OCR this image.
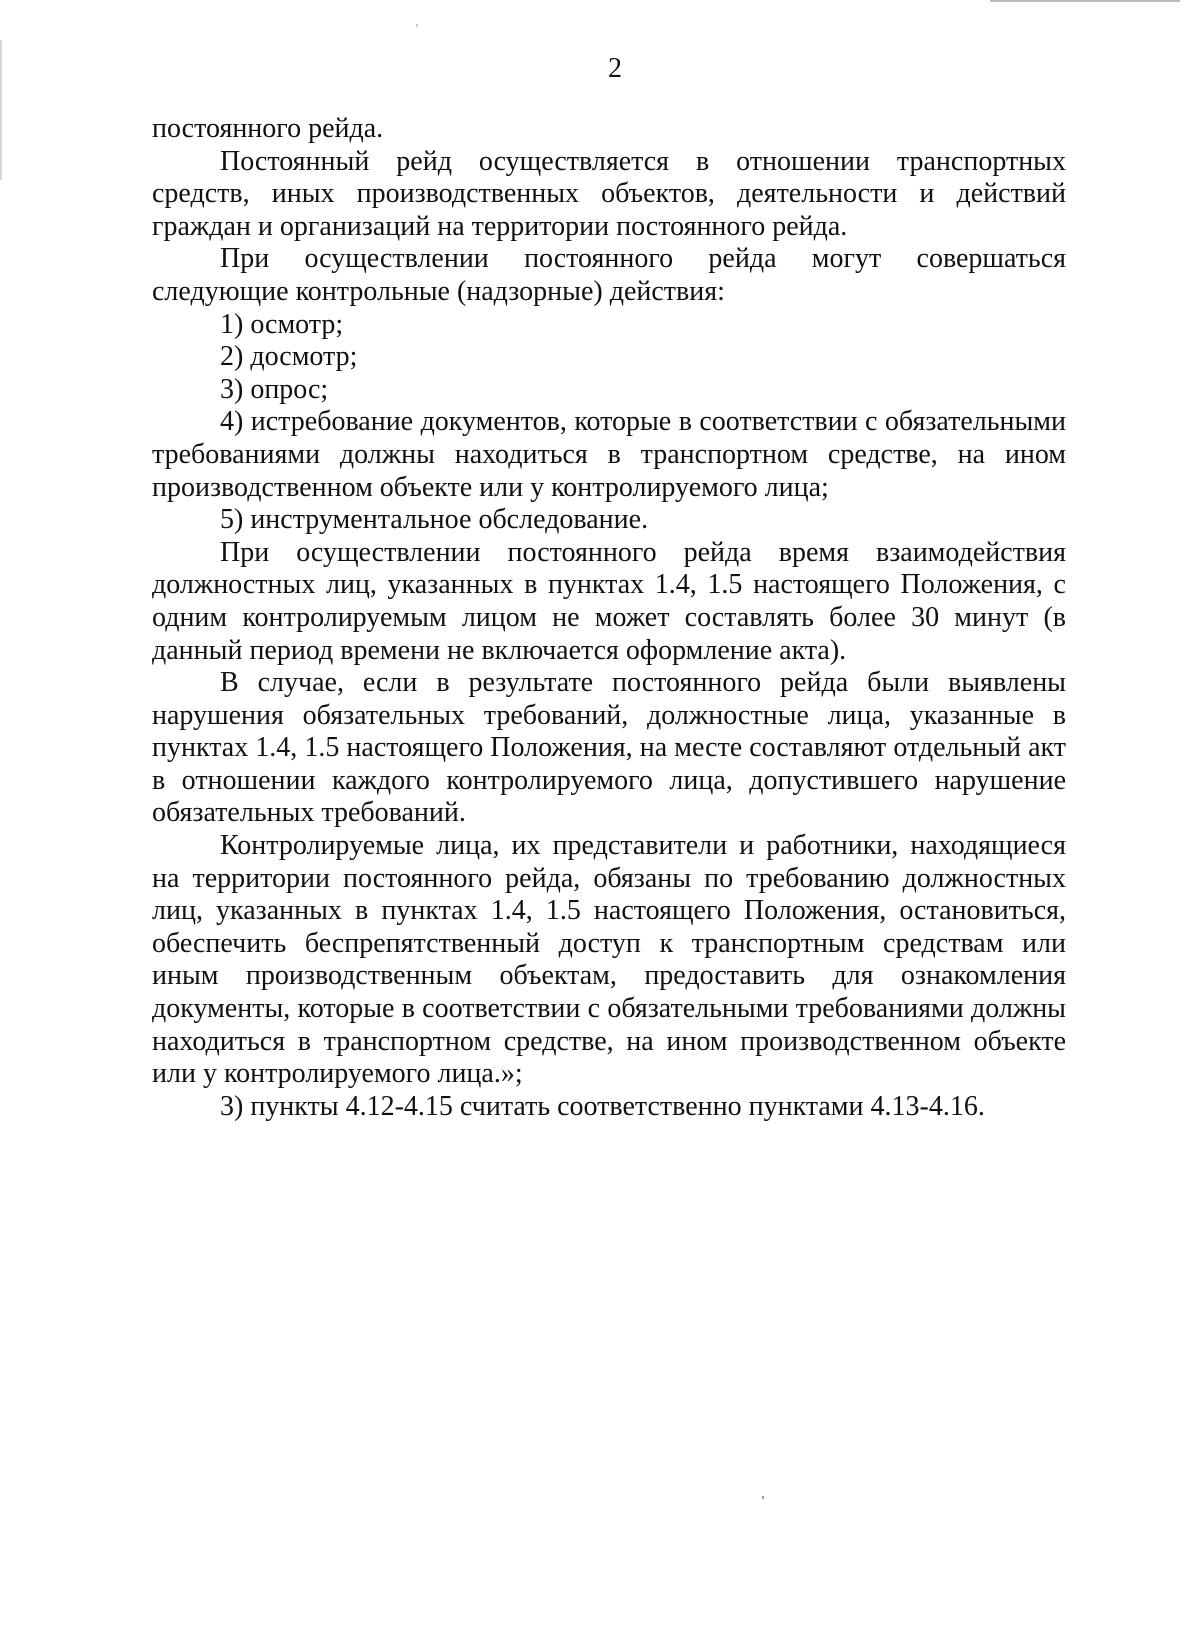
2

постоянного рейда.

Постоянный рейд осуществляется в отношении транспортных средств, иных производственных объектов, деятельности и действий граждан и организаций на территории постоянного рейда.

При осуществлении постоянного рейда могут совершаться следующие контрольные (надзорные) действия:

1) осмотр;

2) досмотр;

3) опрос;

4) истребование документов, которые в соответствии с обязательными требованиями должны находиться в транспортном средстве, на ином производственном объекте или у контролируемого лица;

5) инструментальное обследование.

При осуществлении постоянного рейда время взаимодействия должностных лиц, указанных в пунктах 1.4, 1.5 настоящего Положения, с одним контролируемым лицом не может составлять более 30 минут (в данный период времени не включается оформление акта).

В случае, если в результате постоянного рейда были выявлены нарушения обязательных требований, должностные лица, указанные в пунктах 1.4, 1.5 настоящего Положения, на месте составляют отдельный акт в отношении каждого контролируемого лица, допустившего нарушение обязательных требований.

Контролируемые лица, их представители и работники, находящиеся на территории постоянного рейда, обязаны по требованию должностных лиц, указанных в пунктах 1.4, 1.5 настоящего Положения, остановиться, обеспечить беспрепятственный доступ к транспортным средствам или иным производственным объектам, предоставить для ознакомления документы, которые в соответствии с обязательными требованиями должны находиться в транспортном средстве, на ином производственном объекте или у контролируемого лица.»;

3) пункты 4.12-4.15 считать соответственно пунктами 4.13-4.16.
